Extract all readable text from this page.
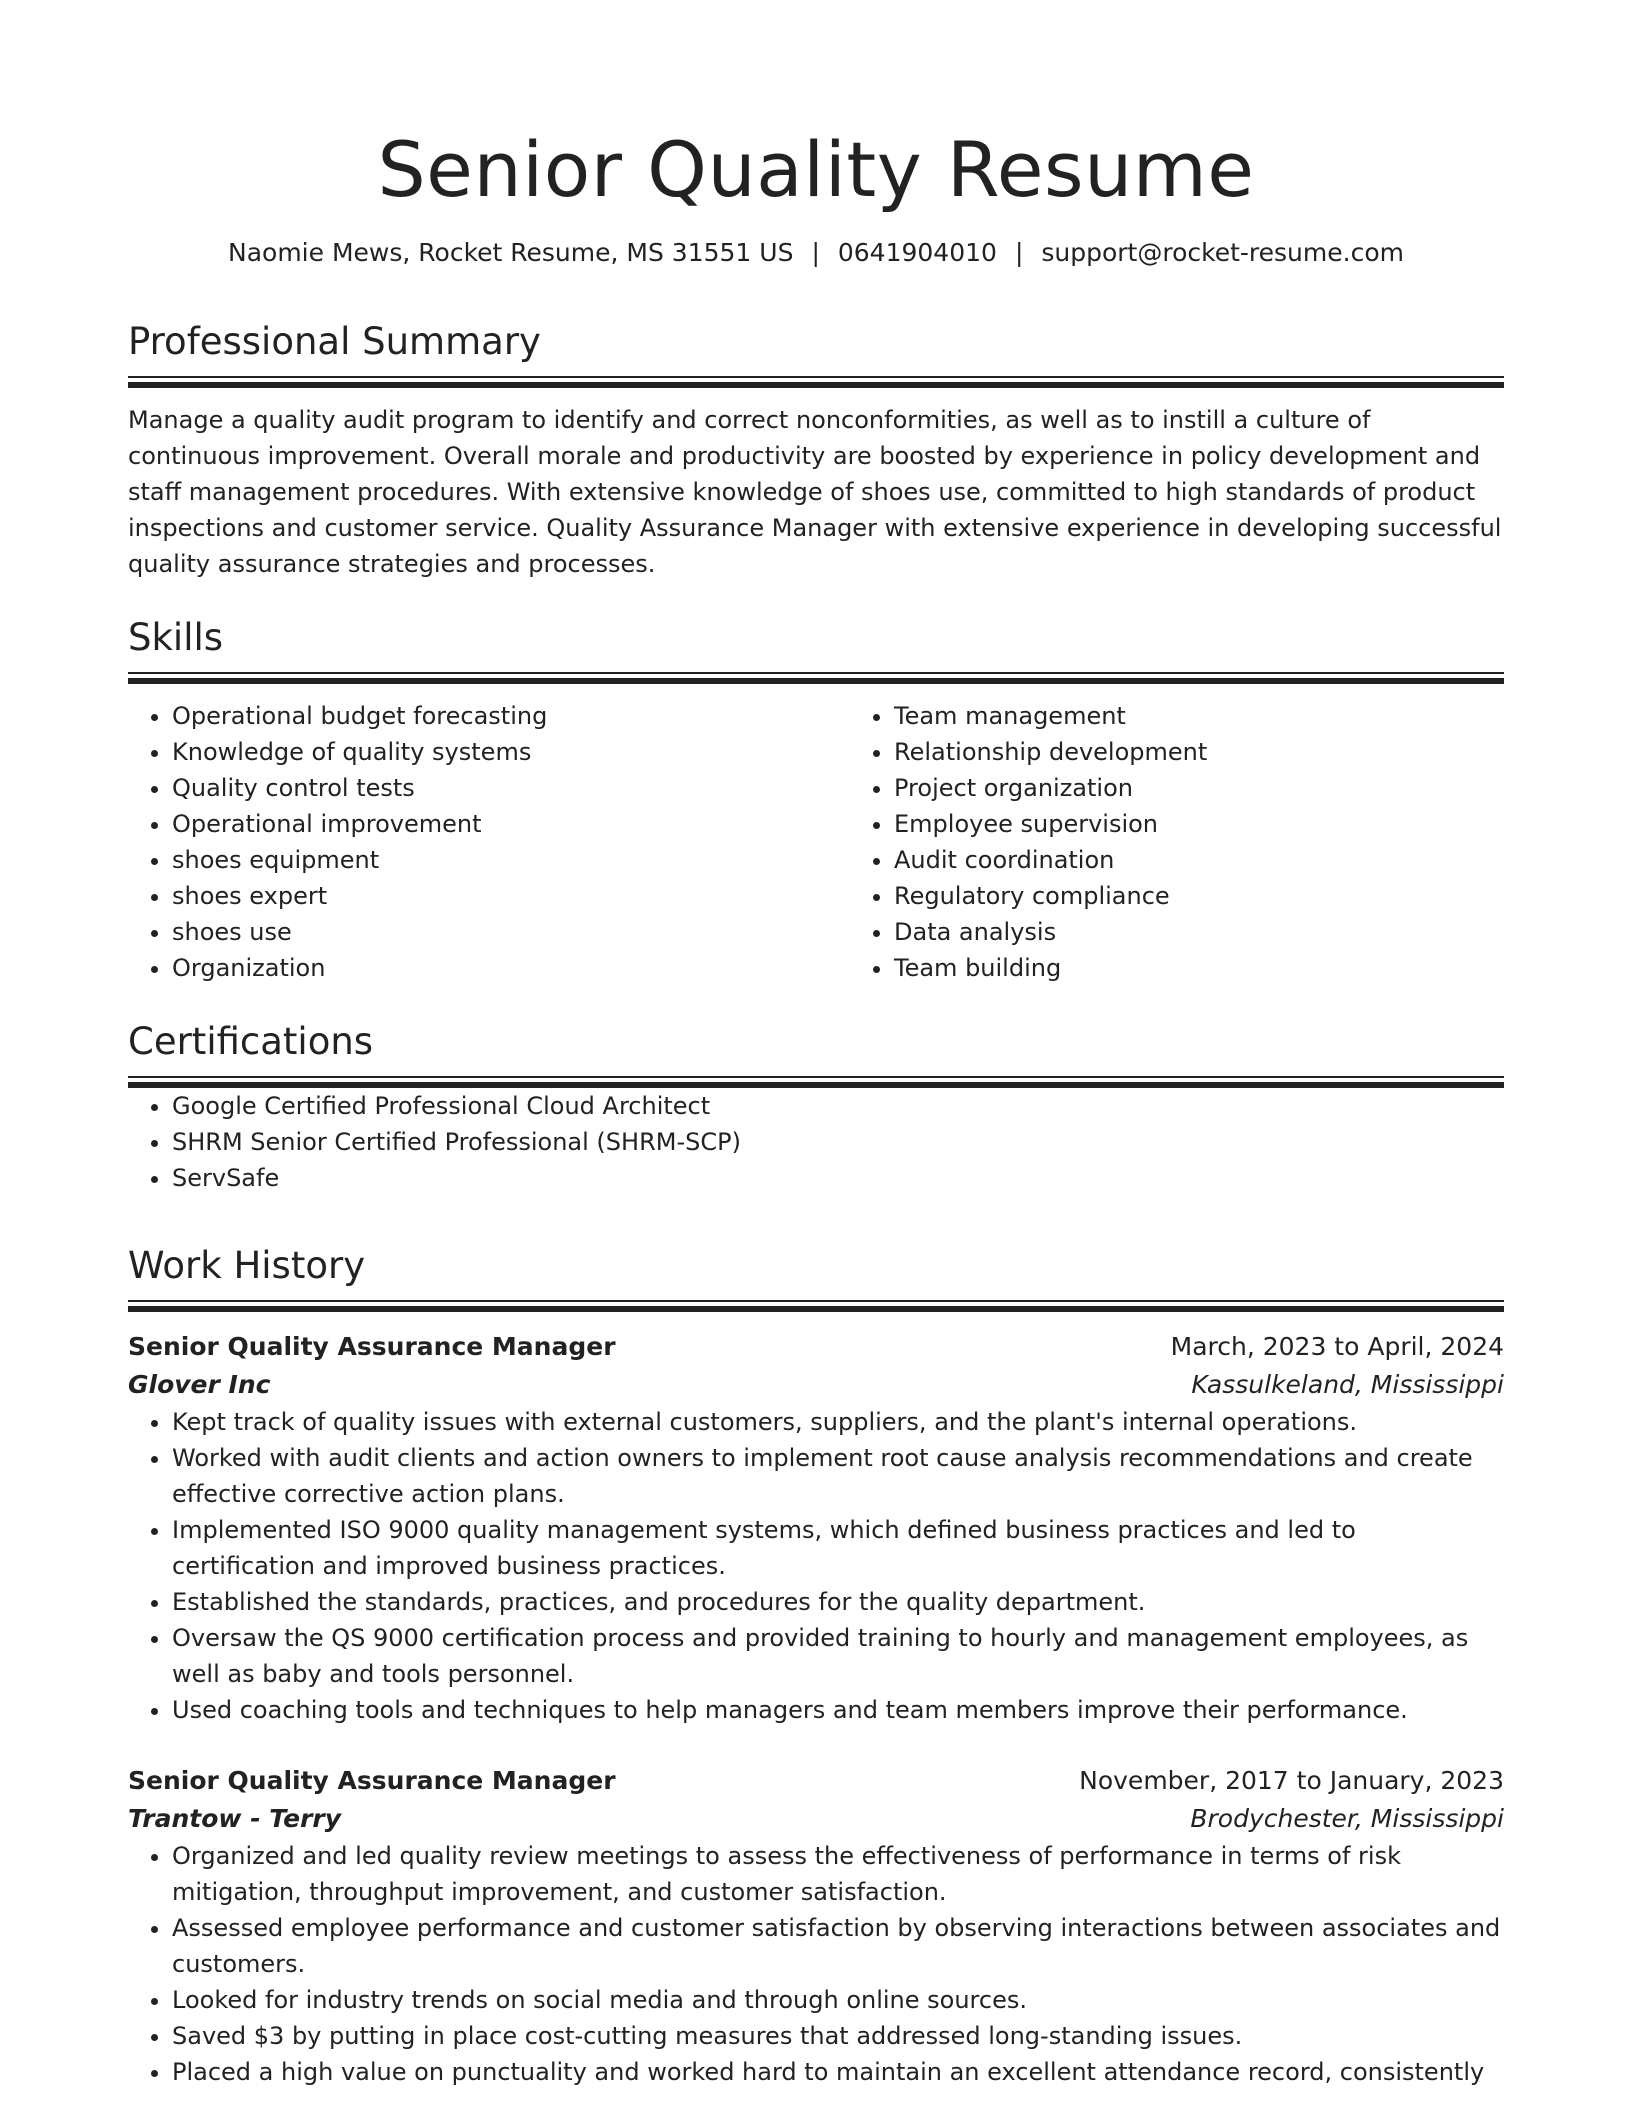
Senior Quality Resume
Naomie Mews, Rocket Resume, MS 31551 US | 0641904010 | support@rocket-resume.com
Professional Summary

Manage a quality audit program to identify and correct nonconformities, as well as to instill a culture of continuous improvement. Overall morale and productivity are boosted by experience in policy development and staff management procedures. With extensive knowledge of shoes use, committed to high standards of product inspections and customer service. Quality Assurance Manager with extensive experience in developing successful quality assurance strategies and processes.

Skills
• Operational budget forecasting
• Knowledge of quality systems
• Quality control tests
• Operational improvement
• shoes equipment
• shoes expert
• shoes use
• Organization
• Team management
• Relationship development
• Project organization
• Employee supervision
• Audit coordination
• Regulatory compliance
• Data analysis
• Team building
Certifications
• Google Certified Professional Cloud Architect
• SHRM Senior Certified Professional (SHRM-SCP)
• ServSafe
Work History
Senior Quality Assurance Manager	March, 2023 to April, 2024
Glover Inc	Kassulkeland, Mississippi
• Kept track of quality issues with external customers, suppliers, and the plant's internal operations.
• Worked with audit clients and action owners to implement root cause analysis recommendations and create effective corrective action plans.
• Implemented ISO 9000 quality management systems, which defined business practices and led to certification and improved business practices.
• Established the standards, practices, and procedures for the quality department.
• Oversaw the QS 9000 certification process and provided training to hourly and management employees, as well as baby and tools personnel.
• Used coaching tools and techniques to help managers and team members improve their performance.
Senior Quality Assurance Manager	November, 2017 to January, 2023
Trantow - Terry	Brodychester, Mississippi
• Organized and led quality review meetings to assess the effectiveness of performance in terms of risk mitigation, throughput improvement, and customer satisfaction.
• Assessed employee performance and customer satisfaction by observing interactions between associates and customers.
• Looked for industry trends on social media and through online sources.
• Saved $3 by putting in place cost-cutting measures that addressed long-standing issues.
• Placed a high value on punctuality and worked hard to maintain an excellent attendance record, consistently
